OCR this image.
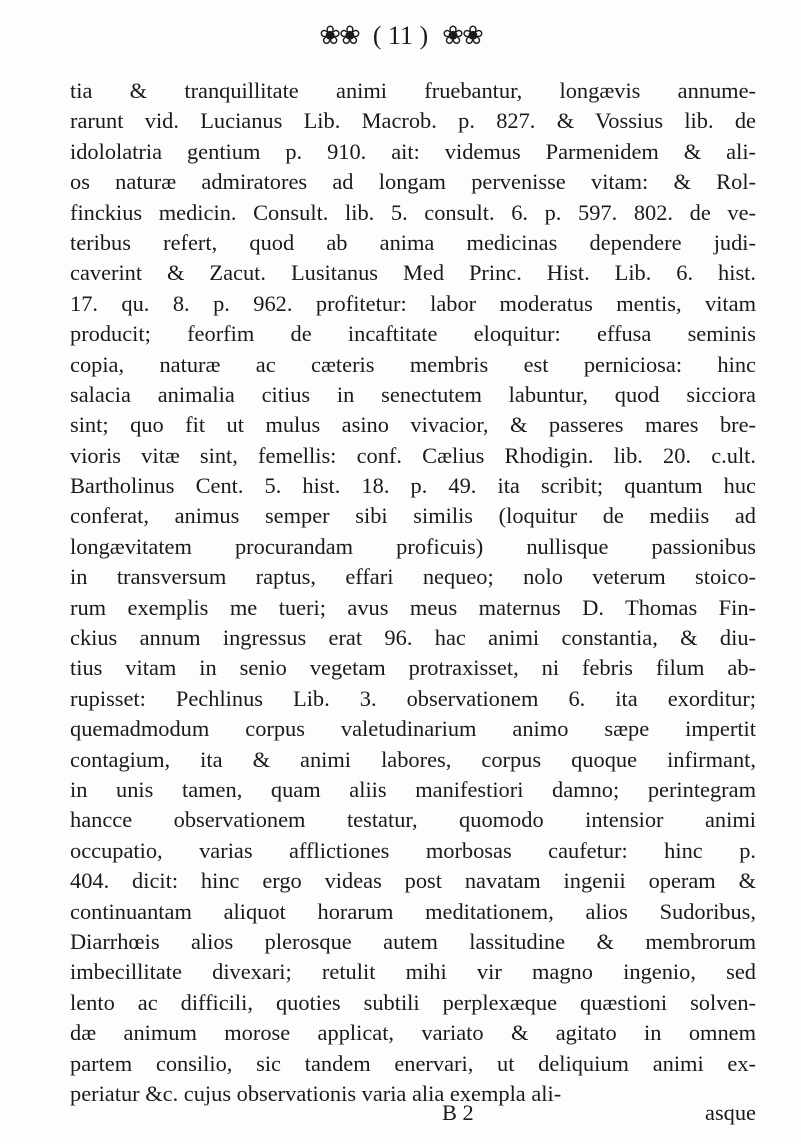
❀❀ ( 11 ) ❀❀
tia & tranquillitate animi fruebantur, longævis annume-
rarunt vid. Lucianus Lib. Macrob. p. 827. & Vossius lib. de
idololatria gentium p. 910. ait: videmus Parmenidem & ali-
os naturæ admiratores ad longam pervenisse vitam: & Rol-
finckius medicin. Consult. lib. 5. consult. 6. p. 597. 802. de ve-
teribus refert, quod ab anima medicinas dependere judi-
caverint & Zacut. Lusitanus Med Princ. Hist. Lib. 6. hist.
17. qu. 8. p. 962. profitetur: labor moderatus mentis, vitam
producit; feorfim de incaftitate eloquitur: effusa seminis
copia, naturæ ac cæteris membris est perniciosa: hinc
salacia animalia citius in senectutem labuntur, quod sicciora
sint; quo fit ut mulus asino vivacior, & passeres mares bre-
vioris vitæ sint, femellis: conf. Cælius Rhodigin. lib. 20. c.ult.
Bartholinus Cent. 5. hist. 18. p. 49. ita scribit; quantum huc
conferat, animus semper sibi similis (loquitur de mediis ad
longævitatem procurandam proficuis) nullisque passionibus
in transversum raptus, effari nequeo; nolo veterum stoico-
rum exemplis me tueri; avus meus maternus D. Thomas Fin-
ckius annum ingressus erat 96. hac animi constantia, & diu-
tius vitam in senio vegetam protraxisset, ni febris filum ab-
rupisset: Pechlinus Lib. 3. observationem 6. ita exorditur;
quemadmodum corpus valetudinarium animo sæpe impertit
contagium, ita & animi labores, corpus quoque infirmant,
in unis tamen, quam aliis manifestiori damno; perintegram
hancce observationem testatur, quomodo intensior animi
occupatio, varias afflictiones morbosas caufetur: hinc p.
404. dicit: hinc ergo videas post navatam ingenii operam &
continuantam aliquot horarum meditationem, alios Sudoribus,
Diarrhœis alios plerosque autem lassitudine & membrorum
imbecillitate divexari; retulit mihi vir magno ingenio, sed
lento ac difficili, quoties subtili perplexæque quæstioni solven-
dæ animum morose applicat, variato & agitato in omnem
partem consilio, sic tandem enervari, ut deliquium animi ex-
periatur &c. cujus observationis varia alia exempla ali-
B 2	asque
